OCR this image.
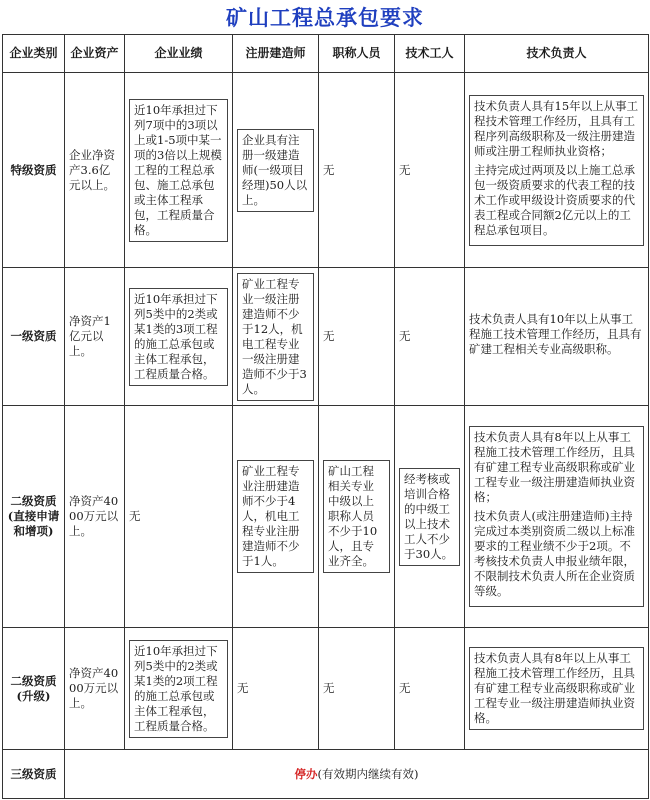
矿山工程总承包要求
企业类别	企业资产	企业业绩	注册建造师	职称人员	技术工人	技术负责人
特级资质	企业净资产3.6亿元以上。	近10年承担过下列7项中的3项以上或1-5项中某一项的3倍以上规模工程的工程总承包、施工总承包或主体工程承包，工程质量合格。	企业具有注册一级建造师(一级项目经理)50人以上。	无	无	技术负责人具有15年以上从事工程技术管理工作经历，且具有工程序列高级职称及一级注册建造师或注册工程师执业资格；

主持完成过两项及以上施工总承包一级资质要求的代表工程的技术工作或甲级设计资质要求的代表工程或合同额2亿元以上的工程总承包项目。

一级资质	净资产1亿元以上。	近10年承担过下列5类中的2类或某1类的3项工程的施工总承包或主体工程承包，工程质量合格。	矿业工程专业一级注册建造师不少于12人，机电工程专业一级注册建造师不少于3人。	无	无	技术负责人具有10年以上从事工程施工技术管理工作经历，且具有矿建工程相关专业高级职称。

二级资质(直接申请和增项)	净资产4000万元以上。	无	矿业工程专业注册建造师不少于4人，机电工程专业注册建造师不少于1人。	矿山工程相关专业中级以上职称人员不少于10人，且专业齐全。	经考核或培训合格的中级工以上技术工人不少于30人。	技术负责人具有8年以上从事工程施工技术管理工作经历，且具有矿建工程专业高级职称或矿业工程专业一级注册建造师执业资格；

技术负责人(或注册建造师)主持完成过本类别资质二级以上标准要求的工程业绩不少于2项。不考核技术负责人申报业绩年限，不限制技术负责人所在企业资质等级。

二级资质(升级)	净资产4000万元以上。	近10年承担过下列5类中的2类或某1类的2项工程的施工总承包或主体工程承包，工程质量合格。	无	无	无	技术负责人具有8年以上从事工程施工技术管理工作经历，且具有矿建工程专业高级职称或矿业工程专业一级注册建造师执业资格。

三级资质	停办(有效期内继续有效)					
